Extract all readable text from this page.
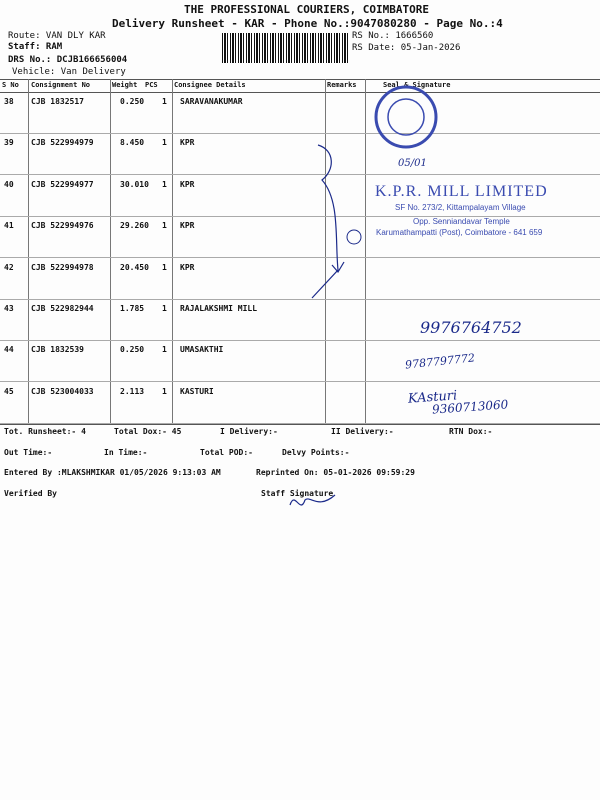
THE PROFESSIONAL COURIERS, COIMBATORE
Delivery Runsheet - KAR - Phone No.:9047080280 - Page No.:4
Route: VAN DLY KAR
Staff: RAM
DRS No.: DCJB166656004
Vehicle: Van Delivery
RS No.: 1666560
RS Date: 05-Jan-2026
S No Consignment No	Weight PCS Consignee Details	Remarks	Seal & Signature
38 CJB 1832517	0.250 1 SARAVANAKUMAR
39 CJB 522994979	8.450 1 KPR
40 CJB 522994977	30.010 1 KPR
41 CJB 522994976	29.260 1 KPR
42 CJB 522994978	20.450 1 KPR
43 CJB 522982944	1.785 1 RAJALAKSHMI MILL
44 CJB 1832539	0.250 1 UMASAKTHI
45 CJB 523004033	2.113 1 KASTURI
05/01
K.P.R. MILL LIMITED
SF No. 273/2, Kittampalayam Village
Opp. Senniandavar Temple
Karumathampatti (Post), Coimbatore - 641 659
9976764752
9787797772
KAsturi
9360713060
Tot. Runsheet:- 4	Total Dox:- 45	I Delivery:-	II Delivery:-	RTN Dox:-
Out Time:-	In Time:-	Total POD:-	Delvy Points:-
Entered By :MLAKSHMIKAR 01/05/2026 9:13:03 AM	Reprinted On: 05-01-2026 09:59:29
Verified By	Staff Signature
